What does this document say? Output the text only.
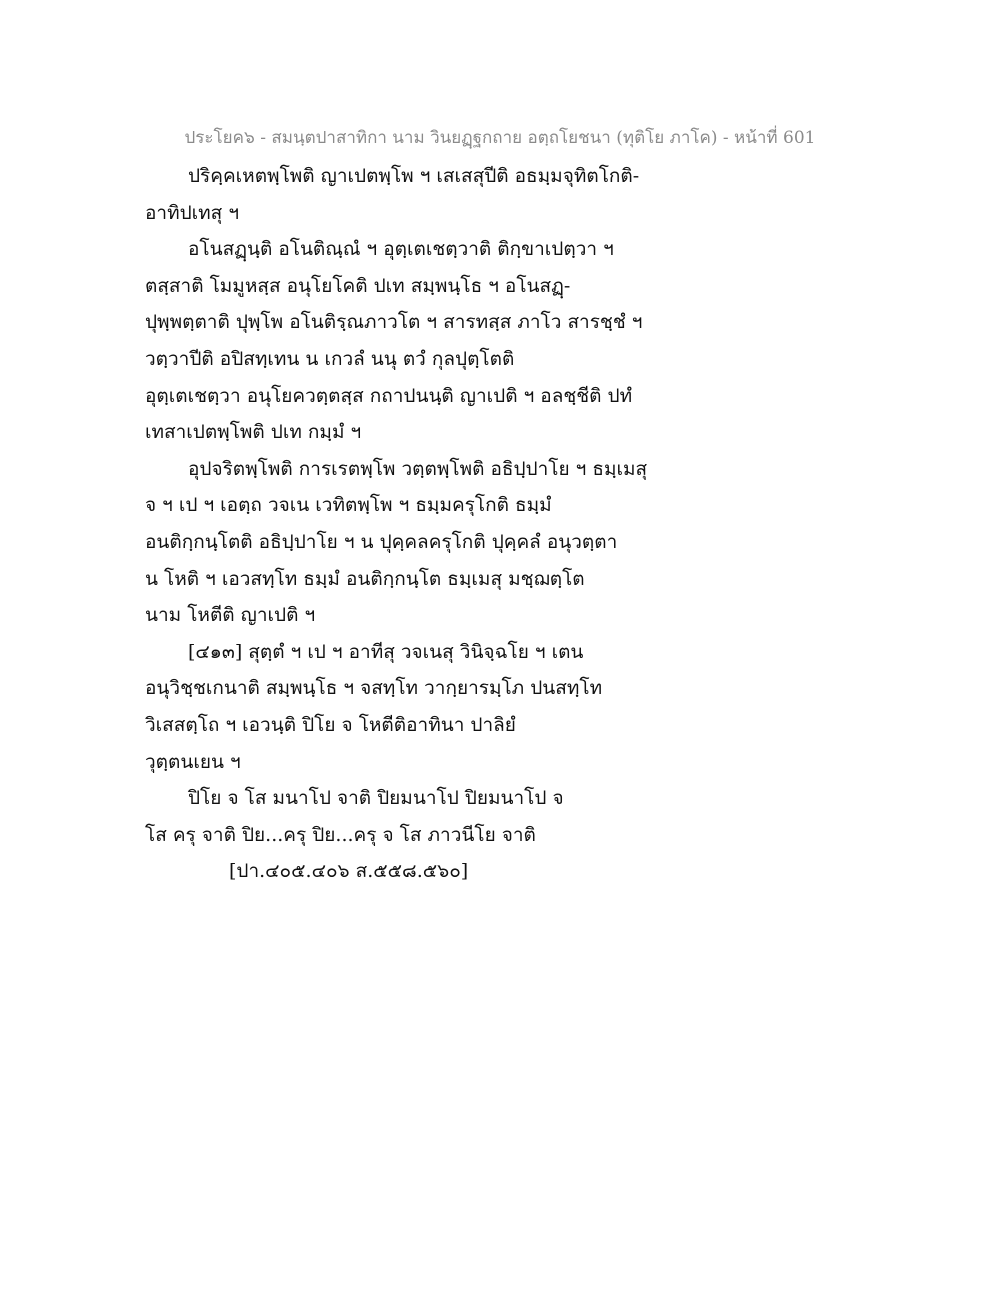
ประโยค๖ - สมนฺตปาสาทิกา นาม วินยฏฺฐกถาย อตฺถโยชนา (ทุติโย ภาโค) - หน้าที่ 601
ปริคฺคเหตพฺโพติ ญาเปตพฺโพ ฯ เสเสสุปีติ อธมฺมจุทิตโกติ-
อาทิปเทสุ ฯ
อโนสฏฺนฺติ อโนติณฺณํ ฯ อุตฺเตเชตฺวาติ ติกฺขาเปตฺวา ฯ
ตสฺสาติ โมมูหสฺส อนุโยโคติ ปเท สมฺพนฺโธ ฯ อโนสฏฺ-
ปุพฺพตฺตาติ ปุพฺโพ อโนติรฺณภาวโต ฯ สารทสฺส ภาโว สารชฺชํ ฯ
วตฺวาปีติ อปิสทฺเทน น เกวลํ นนุ ตวํ กุลปุตฺโตติ
อุตฺเตเชตฺวา อนุโยควตฺตสฺส กถาปนนฺติ ญาเปติ ฯ อลชฺชีติ ปทํ
เทสาเปตพฺโพติ ปเท กมฺมํ ฯ
อุปจริตพฺโพติ การเรตพฺโพ วตฺตพฺโพติ อธิปฺปาโย ฯ ธมฺเมสุ
จ ฯ เป ฯ เอตฺถ วจเน เวทิตพฺโพ ฯ ธมฺมครุโกติ ธมฺมํ
อนติกฺกนฺโตติ อธิปฺปาโย ฯ น ปุคฺคลครุโกติ ปุคฺคลํ อนุวตฺตา
น โหติ ฯ เอวสทฺโท ธมฺมํ อนติกฺกนฺโต ธมฺเมสุ มชฺฌตฺโต
นาม โหตีติ ญาเปติ ฯ
[๔๑๓] สุตฺตํ ฯ เป ฯ อาทีสุ วจเนสุ วินิจฺฉโย ฯ เตน
อนุวิชฺชเกนาติ สมฺพนฺโธ ฯ จสทฺโท วากฺยารมฺโภ ปนสทฺโท
วิเสสตฺโถ ฯ เอวนฺติ ปิโย จ โหตีติอาทินา ปาลิยํ
วุตฺตนเยน ฯ
ปิโย จ โส มนาโป จาติ ปิยมนาโป ปิยมนาโป จ
โส ครุ จาติ ปิย...ครุ ปิย...ครุ จ โส ภาวนีโย จาติ
[ปา.๔๐๕.๔๐๖ ส.๕๕๘.๕๖๐]
